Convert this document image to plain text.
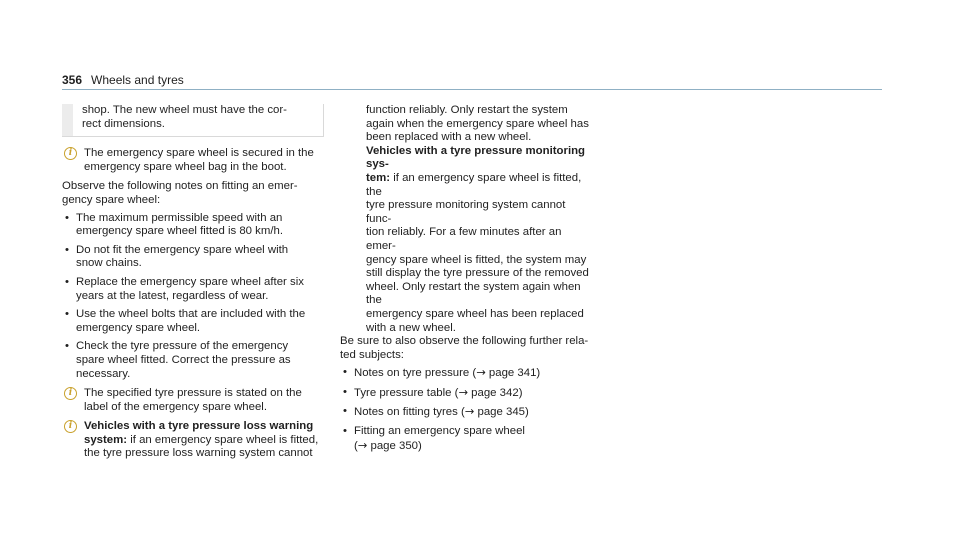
356 Wheels and tyres
shop. The new wheel must have the cor-
rect dimensions.
i	The emergency spare wheel is secured in the
emergency spare wheel bag in the boot.
Observe the following notes on fitting an emer-
gency spare wheel:
• The maximum permissible speed with an
emergency spare wheel fitted is 80 km/h.
• Do not fit the emergency spare wheel with
snow chains.
• Replace the emergency spare wheel after six
years at the latest, regardless of wear.
• Use the wheel bolts that are included with the
emergency spare wheel.
• Check the tyre pressure of the emergency
spare wheel fitted. Correct the pressure as
necessary.
i	The specified tyre pressure is stated on the
label of the emergency spare wheel.
i	Vehicles with a tyre pressure loss warning
system: if an emergency spare wheel is fitted,
the tyre pressure loss warning system cannot
function reliably. Only restart the system
again when the emergency spare wheel has
been replaced with a new wheel.
Vehicles with a tyre pressure monitoring sys-
tem: if an emergency spare wheel is fitted, the
tyre pressure monitoring system cannot func-
tion reliably. For a few minutes after an emer-
gency spare wheel is fitted, the system may
still display the tyre pressure of the removed
wheel. Only restart the system again when the
emergency spare wheel has been replaced
with a new wheel.
Be sure to also observe the following further rela-
ted subjects:
• Notes on tyre pressure (→ page 341)
• Tyre pressure table (→ page 342)
• Notes on fitting tyres (→ page 345)
• Fitting an emergency spare wheel
(→ page 350)
